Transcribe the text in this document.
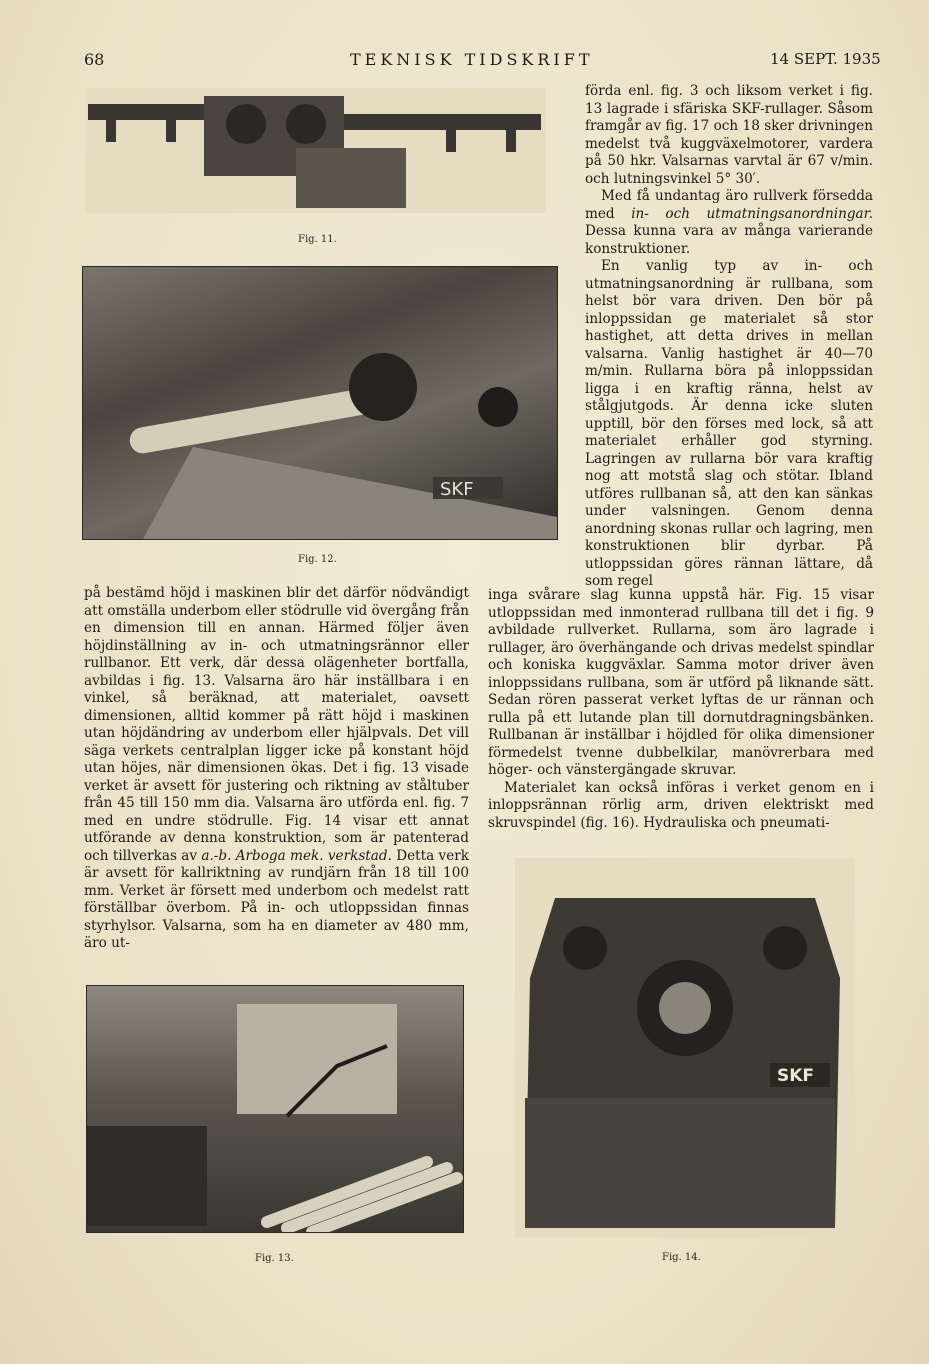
68	TEKNISK TIDSKRIFT	14 SEPT. 1935
Fig. 11.
SKF
Fig. 12.

förda enl. fig. 3 och liksom verket i fig. 13 lagrade i sfäriska SKF-rullager. Såsom framgår av fig. 17 och 18 sker drivningen medelst två kuggväxelmotorer, vardera på 50 hkr. Valsarnas varvtal är 67 v/min. och lutningsvinkel 5° 30′.

Med få undantag äro rullverk försedda med in- och utmatningsanordningar. Dessa kunna vara av många varierande konstruktioner.

En vanlig typ av in- och utmatningsanordning är rullbana, som helst bör vara driven. Den bör på inloppssidan ge materialet så stor hastighet, att detta drives in mellan valsarna. Vanlig hastighet är 40—70 m/min. Rullarna böra på inloppssidan ligga i en kraftig ränna, helst av stålgjutgods. Är denna icke sluten upptill, bör den förses med lock, så att materialet erhåller god styrning. Lagringen av rullarna bör vara kraftig nog att motstå slag och stötar. Ibland utföres rullbanan så, att den kan sänkas under valsningen. Genom denna anordning skonas rullar och lagring, men konstruktionen blir dyrbar. På utloppssidan göres rännan lättare, då som regel

på bestämd höjd i maskinen blir det därför nödvändigt att omställa underbom eller stödrulle vid övergång från en dimension till en annan. Härmed följer även höjdinställning av in- och utmatningsrännor eller rullbanor. Ett verk, där dessa olägenheter bortfalla, avbildas i fig. 13. Valsarna äro här inställbara i en vinkel, så beräknad, att materialet, oavsett dimensionen, alltid kommer på rätt höjd i maskinen utan höjdändring av underbom eller hjälpvals. Det vill säga verkets centralplan ligger icke på konstant höjd utan höjes, när dimensionen ökas. Det i fig. 13 visade verket är avsett för justering och riktning av ståltuber från 45 till 150 mm dia. Valsarna äro utförda enl. fig. 7 med en undre stödrulle. Fig. 14 visar ett annat utförande av denna konstruktion, som är patenterad och tillverkas av a.-b. Arboga mek. verkstad. Detta verk är avsett för kallriktning av rundjärn från 18 till 100 mm. Verket är försett med underbom och medelst ratt förställbar överbom. På in- och utloppssidan finnas styrhylsor. Valsarna, som ha en diameter av 480 mm, äro ut-

inga svårare slag kunna uppstå här. Fig. 15 visar utloppssidan med inmonterad rullbana till det i fig. 9 avbildade rullverket. Rullarna, som äro lagrade i rullager, äro överhängande och drivas medelst spindlar och koniska kuggväxlar. Samma motor driver även inloppssidans rullbana, som är utförd på liknande sätt. Sedan rören passerat verket lyftas de ur rännan och rulla på ett lutande plan till dornutdragningsbänken. Rullbanan är inställbar i höjdled för olika dimensioner förmedelst tvenne dubbelkilar, manövrerbara med höger- och vänstergängade skruvar.

Materialet kan också införas i verket genom en i inloppsrännan rörlig arm, driven elektriskt med skruvspindel (fig. 16). Hydrauliska och pneumati-

Fig. 13.
SKF
Fig. 14.
